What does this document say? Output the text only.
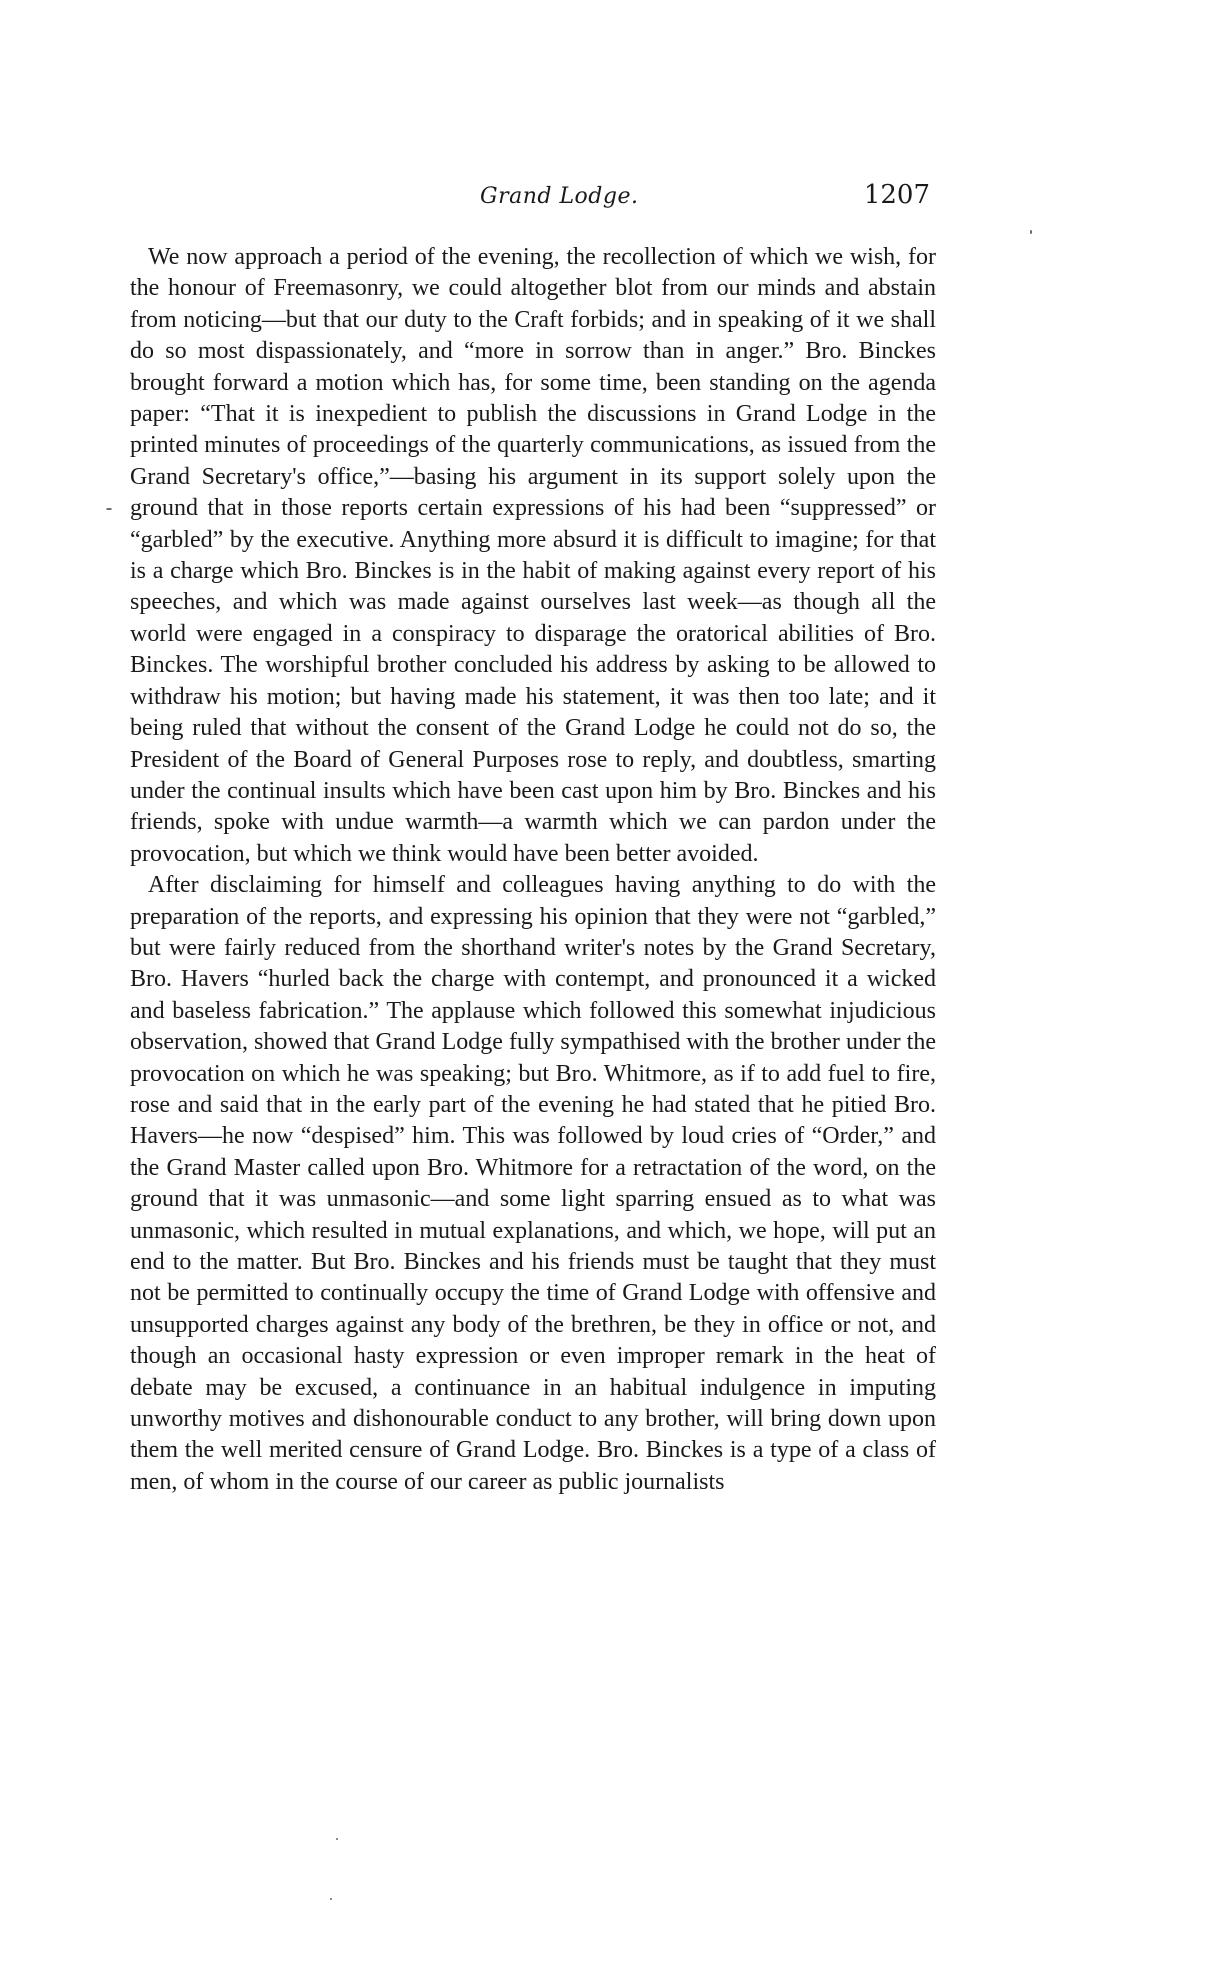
Grand Lodge.	1207

We now approach a period of the evening, the recollection of which we wish, for the honour of Freemasonry, we could altogether blot from our minds and abstain from noticing—but that our duty to the Craft forbids; and in speaking of it we shall do so most dispassionately, and “more in sorrow than in anger.” Bro. Binckes brought forward a motion which has, for some time, been standing on the agenda paper: “That it is inexpedient to publish the discussions in Grand Lodge in the printed minutes of proceedings of the quarterly communications, as issued from the Grand Secretary's office,”—basing his argument in its support solely upon the ground that in those reports certain expressions of his had been “suppressed” or “garbled” by the executive. Anything more absurd it is difficult to imagine; for that is a charge which Bro. Binckes is in the habit of making against every report of his speeches, and which was made against ourselves last week—as though all the world were engaged in a conspiracy to disparage the oratorical abilities of Bro. Binckes. The worshipful brother concluded his address by asking to be allowed to withdraw his motion; but having made his statement, it was then too late; and it being ruled that without the consent of the Grand Lodge he could not do so, the President of the Board of General Purposes rose to reply, and doubtless, smarting under the continual insults which have been cast upon him by Bro. Binckes and his friends, spoke with undue warmth—a warmth which we can pardon under the provocation, but which we think would have been better avoided.

After disclaiming for himself and colleagues having anything to do with the preparation of the reports, and expressing his opinion that they were not “garbled,” but were fairly reduced from the shorthand writer's notes by the Grand Secretary, Bro. Havers “hurled back the charge with contempt, and pronounced it a wicked and baseless fabrication.” The applause which followed this somewhat injudicious observation, showed that Grand Lodge fully sympathised with the brother under the provocation on which he was speaking; but Bro. Whitmore, as if to add fuel to fire, rose and said that in the early part of the evening he had stated that he pitied Bro. Havers—he now “despised” him. This was followed by loud cries of “Order,” and the Grand Master called upon Bro. Whitmore for a retractation of the word, on the ground that it was unmasonic—and some light sparring ensued as to what was unmasonic, which resulted in mutual explanations, and which, we hope, will put an end to the matter. But Bro. Binckes and his friends must be taught that they must not be permitted to continually occupy the time of Grand Lodge with offensive and unsupported charges against any body of the brethren, be they in office or not, and though an occasional hasty expression or even improper remark in the heat of debate may be excused, a continuance in an habitual indulgence in imputing unworthy motives and dishonourable conduct to any brother, will bring down upon them the well merited censure of Grand Lodge. Bro. Binckes is a type of a class of men, of whom in the course of our career as public journalists
